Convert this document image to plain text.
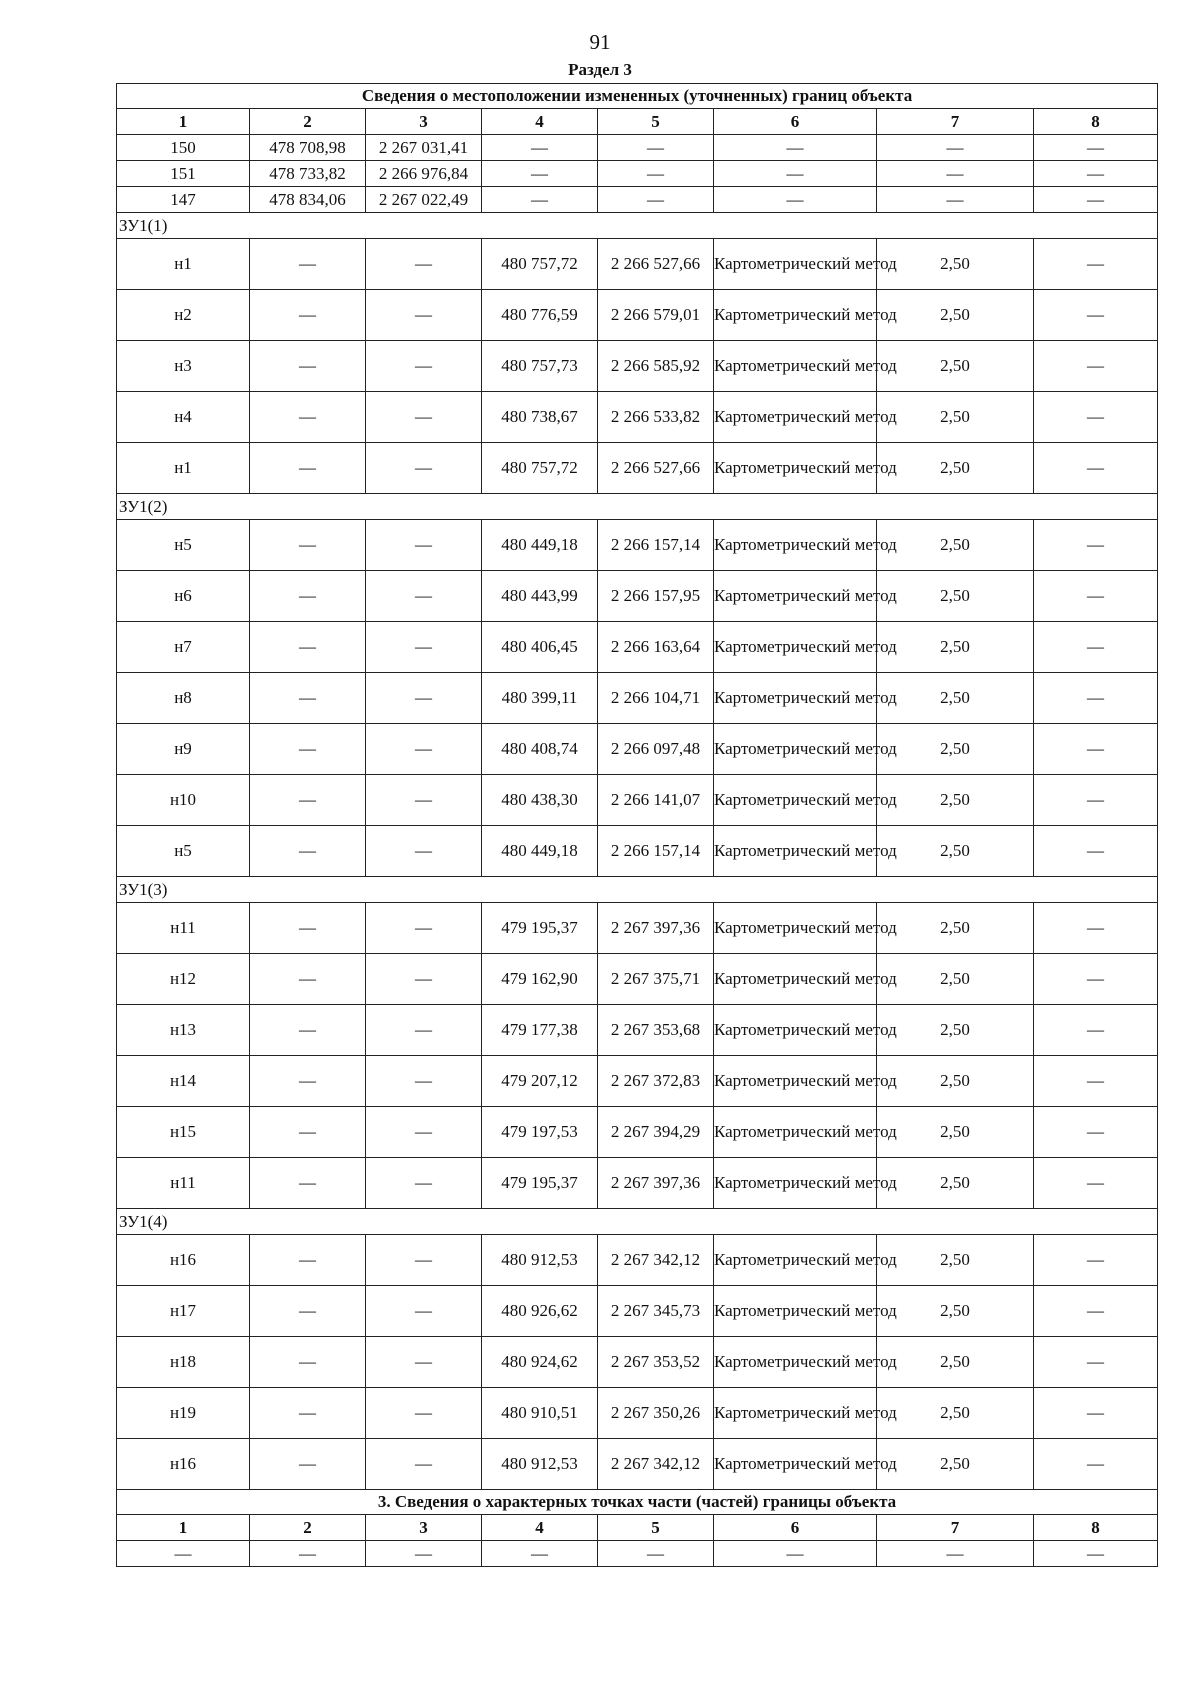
91
Раздел 3
Сведения о местоположении измененных (уточненных) границ объекта							
1	2	3	4	5	6	7	8
150	478 708,98	2 267 031,41	—	—	—	—	—
151	478 733,82	2 266 976,84	—	—	—	—	—
147	478 834,06	2 267 022,49	—	—	—	—	—
ЗУ1(1)							
н1	—	—	480 757,72	2 266 527,66	Картометрический метод	2,50	—
н2	—	—	480 776,59	2 266 579,01	Картометрический метод	2,50	—
н3	—	—	480 757,73	2 266 585,92	Картометрический метод	2,50	—
н4	—	—	480 738,67	2 266 533,82	Картометрический метод	2,50	—
н1	—	—	480 757,72	2 266 527,66	Картометрический метод	2,50	—
ЗУ1(2)							
н5	—	—	480 449,18	2 266 157,14	Картометрический метод	2,50	—
н6	—	—	480 443,99	2 266 157,95	Картометрический метод	2,50	—
н7	—	—	480 406,45	2 266 163,64	Картометрический метод	2,50	—
н8	—	—	480 399,11	2 266 104,71	Картометрический метод	2,50	—
н9	—	—	480 408,74	2 266 097,48	Картометрический метод	2,50	—
н10	—	—	480 438,30	2 266 141,07	Картометрический метод	2,50	—
н5	—	—	480 449,18	2 266 157,14	Картометрический метод	2,50	—
ЗУ1(3)							
н11	—	—	479 195,37	2 267 397,36	Картометрический метод	2,50	—
н12	—	—	479 162,90	2 267 375,71	Картометрический метод	2,50	—
н13	—	—	479 177,38	2 267 353,68	Картометрический метод	2,50	—
н14	—	—	479 207,12	2 267 372,83	Картометрический метод	2,50	—
н15	—	—	479 197,53	2 267 394,29	Картометрический метод	2,50	—
н11	—	—	479 195,37	2 267 397,36	Картометрический метод	2,50	—
ЗУ1(4)							
н16	—	—	480 912,53	2 267 342,12	Картометрический метод	2,50	—
н17	—	—	480 926,62	2 267 345,73	Картометрический метод	2,50	—
н18	—	—	480 924,62	2 267 353,52	Картометрический метод	2,50	—
н19	—	—	480 910,51	2 267 350,26	Картометрический метод	2,50	—
н16	—	—	480 912,53	2 267 342,12	Картометрический метод	2,50	—
3. Сведения о характерных точках части (частей) границы объекта							
1	2	3	4	5	6	7	8
—	—	—	—	—	—	—	—
